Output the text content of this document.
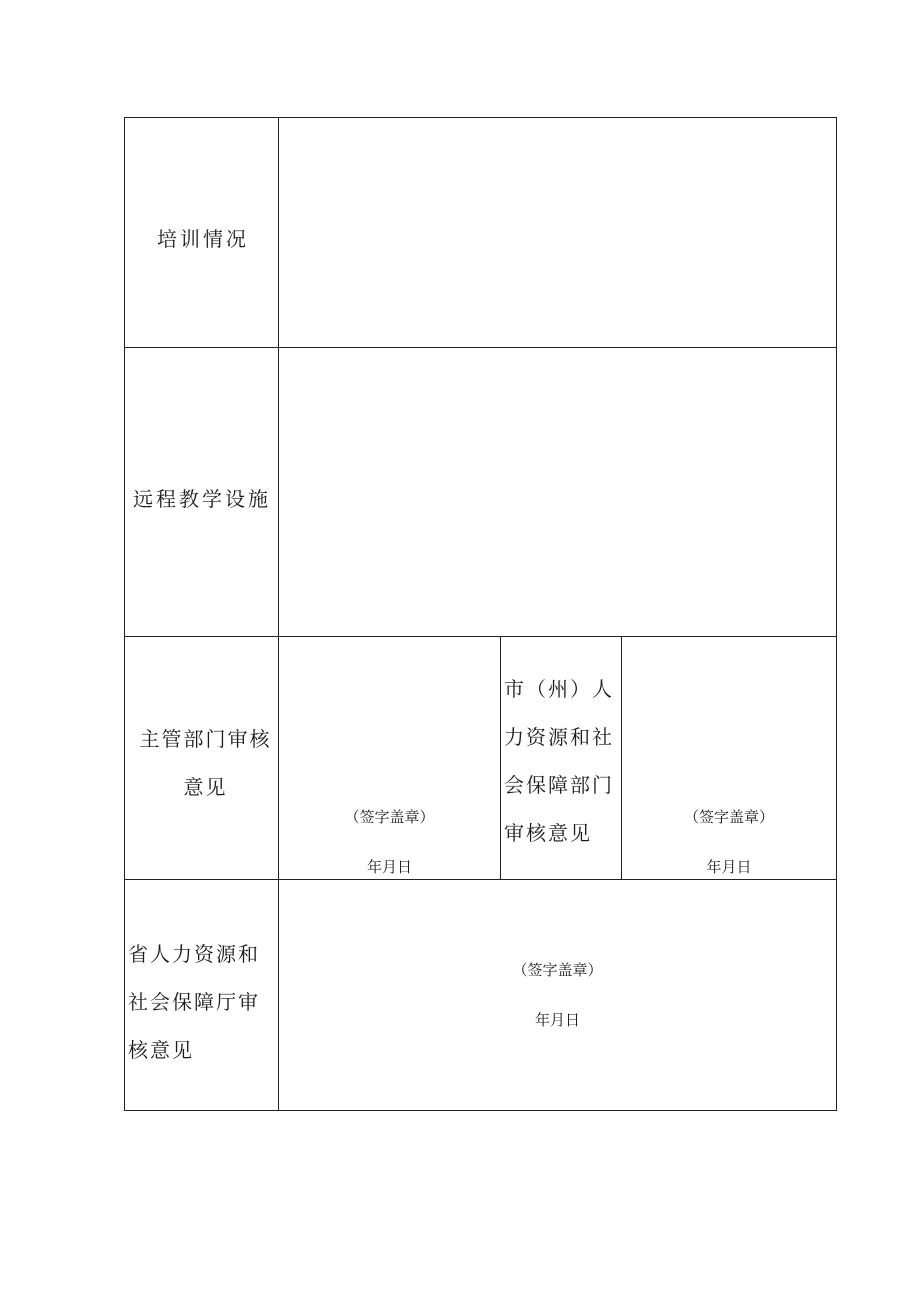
培训情况
远程教学设施
主管部门审核
意见
（签字盖章）
年月日
市（州）人
力资源和社
会保障部门
审核意见
（签字盖章）
年月日
省人力资源和
社会保障厅审
核意见
（签字盖章）
年月日
